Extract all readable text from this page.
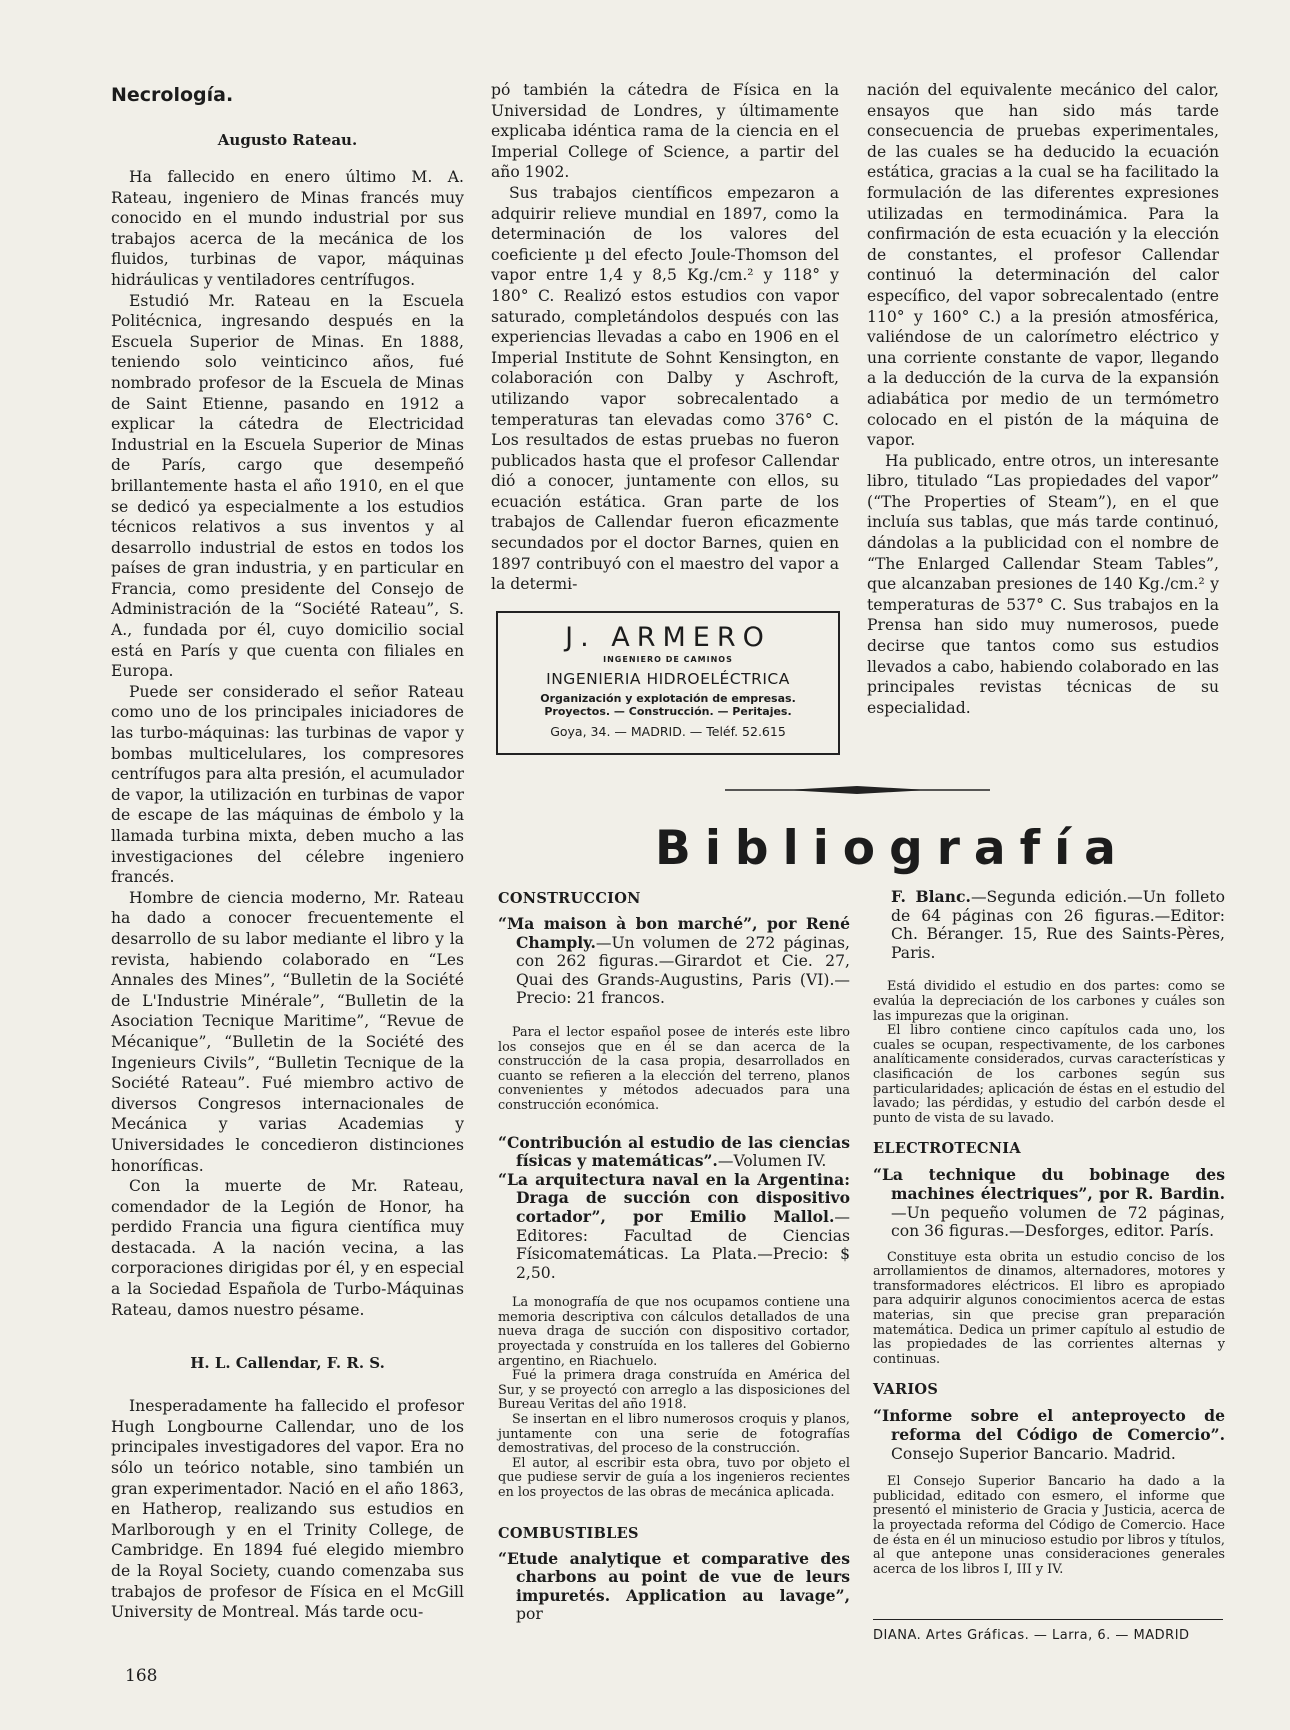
Necrología.

Augusto Rateau.

Ha fallecido en enero último M. A. Rateau, ingeniero de Minas francés muy conocido en el mundo industrial por sus trabajos acerca de la mecánica de los fluidos, turbinas de vapor, máquinas hidráulicas y ventiladores centrífugos.

Estudió Mr. Rateau en la Escuela Politécnica, ingresando después en la Escuela Superior de Minas. En 1888, teniendo solo veinticinco años, fué nombrado profesor de la Escuela de Minas de Saint Etienne, pasando en 1912 a explicar la cátedra de Electricidad Industrial en la Escuela Superior de Minas de París, cargo que desempeñó brillantemente hasta el año 1910, en el que se dedicó ya especialmente a los estudios técnicos relativos a sus inventos y al desarrollo industrial de estos en todos los países de gran industria, y en particular en Francia, como presidente del Consejo de Administración de la “Société Rateau”, S. A., fundada por él, cuyo domicilio social está en París y que cuenta con filiales en Europa.

Puede ser considerado el señor Rateau como uno de los principales iniciadores de las turbo-máquinas: las turbinas de vapor y bombas multicelulares, los compresores centrífugos para alta presión, el acumulador de vapor, la utilización en turbinas de vapor de escape de las máquinas de émbolo y la llamada turbina mixta, deben mucho a las investigaciones del célebre ingeniero francés.

Hombre de ciencia moderno, Mr. Rateau ha dado a conocer frecuentemente el desarrollo de su labor mediante el libro y la revista, habiendo colaborado en “Les Annales des Mines”, “Bulletin de la Société de L'Industrie Minérale”, “Bulletin de la Asociation Tecnique Maritime”, “Revue de Mécanique”, “Bulletin de la Société des Ingenieurs Civils”, “Bulletin Tecnique de la Société Rateau”. Fué miembro activo de diversos Congresos internacionales de Mecánica y varias Academias y Universidades le concedieron distinciones honoríficas.

Con la muerte de Mr. Rateau, comendador de la Legión de Honor, ha perdido Francia una figura científica muy destacada. A la nación vecina, a las corporaciones dirigidas por él, y en especial a la Sociedad Española de Turbo-Máquinas Rateau, damos nuestro pésame.

H. L. Callendar, F. R. S.

Inesperadamente ha fallecido el profesor Hugh Longbourne Callendar, uno de los principales investigadores del vapor. Era no sólo un teórico notable, sino también un gran experimentador. Nació en el año 1863, en Hatherop, realizando sus estudios en Marlborough y en el Trinity College, de Cambridge. En 1894 fué elegido miembro de la Royal Society, cuando comenzaba sus trabajos de profesor de Física en el McGill University de Montreal. Más tarde ocu-

pó también la cátedra de Física en la Universidad de Londres, y últimamente explicaba idéntica rama de la ciencia en el Imperial College of Science, a partir del año 1902.

Sus trabajos científicos empezaron a adquirir relieve mundial en 1897, como la determinación de los valores del coeficiente µ del efecto Joule-Thomson del vapor entre 1,4 y 8,5 Kg./cm.² y 118° y 180° C. Realizó estos estudios con vapor saturado, completándolos después con las experiencias llevadas a cabo en 1906 en el Imperial Institute de Sohnt Kensington, en colaboración con Dalby y Aschroft, utilizando vapor sobrecalentado a temperaturas tan elevadas como 376° C. Los resultados de estas pruebas no fueron publicados hasta que el profesor Callendar dió a conocer, juntamente con ellos, su ecuación estática. Gran parte de los trabajos de Callendar fueron eficazmente secundados por el doctor Barnes, quien en 1897 contribuyó con el maestro del vapor a la determi-

J. ARMERO
INGENIERO DE CAMINOS
INGENIERIA HIDROELÉCTRICA
Organización y explotación de empresas.
Proyectos. — Construcción. — Peritajes.
Goya, 34. — MADRID. — Teléf. 52.615

nación del equivalente mecánico del calor, ensayos que han sido más tarde consecuencia de pruebas experimentales, de las cuales se ha deducido la ecuación estática, gracias a la cual se ha facilitado la formulación de las diferentes expresiones utilizadas en termodinámica. Para la confirmación de esta ecuación y la elección de constantes, el profesor Callendar continuó la determinación del calor específico, del vapor sobrecalentado (entre 110° y 160° C.) a la presión atmosférica, valiéndose de un calorímetro eléctrico y una corriente constante de vapor, llegando a la deducción de la curva de la expansión adiabática por medio de un termómetro colocado en el pistón de la máquina de vapor.

Ha publicado, entre otros, un interesante libro, titulado “Las propiedades del vapor” (“The Properties of Steam”), en el que incluía sus tablas, que más tarde continuó, dándolas a la publicidad con el nombre de “The Enlarged Callendar Steam Tables”, que alcanzaban presiones de 140 Kg./cm.² y temperaturas de 537° C. Sus trabajos en la Prensa han sido muy numerosos, puede decirse que tantos como sus estudios llevados a cabo, habiendo colaborado en las principales revistas técnicas de su especialidad.

Bibliografía

CONSTRUCCION

“Ma maison à bon marché”, por René Champly.—Un volumen de 272 páginas, con 262 figuras.—Girardot et Cie. 27, Quai des Grands-Augustins, Paris (VI).—Precio: 21 francos.

Para el lector español posee de interés este libro los consejos que en él se dan acerca de la construcción de la casa propia, desarrollados en cuanto se refieren a la elección del terreno, planos convenientes y métodos adecuados para una construcción económica.

“Contribución al estudio de las ciencias físicas y matemáticas”.—Volumen IV.

“La arquitectura naval en la Argentina: Draga de succión con dispositivo cortador”, por Emilio Mallol.—Editores: Facultad de Ciencias Físicomatemáticas. La Plata.—Precio: $ 2,50.

La monografía de que nos ocupamos contiene una memoria descriptiva con cálculos detallados de una nueva draga de succión con dispositivo cortador, proyectada y construída en los talleres del Gobierno argentino, en Riachuelo.

Fué la primera draga construída en América del Sur, y se proyectó con arreglo a las disposiciones del Bureau Veritas del año 1918.

Se insertan en el libro numerosos croquis y planos, juntamente con una serie de fotografías demostrativas, del proceso de la construcción.

El autor, al escribir esta obra, tuvo por objeto el que pudiese servir de guía a los ingenieros recientes en los proyectos de las obras de mecánica aplicada.

COMBUSTIBLES

“Etude analytique et comparative des charbons au point de vue de leurs impuretés. Application au lavage”, por

F. Blanc.—Segunda edición.—Un folleto de 64 páginas con 26 figuras.—Editor: Ch. Béranger. 15, Rue des Saints-Pères, Paris.

Está dividido el estudio en dos partes: como se evalúa la depreciación de los carbones y cuáles son las impurezas que la originan.

El libro contiene cinco capítulos cada uno, los cuales se ocupan, respectivamente, de los carbones analíticamente considerados, curvas características y clasificación de los carbones según sus particularidades; aplicación de éstas en el estudio del lavado; las pérdidas, y estudio del carbón desde el punto de vista de su lavado.

ELECTROTECNIA

“La technique du bobinage des machines électriques”, por R. Bardin.—Un pequeño volumen de 72 páginas, con 36 figuras.—Desforges, editor. París.

Constituye esta obrita un estudio conciso de los arrollamientos de dinamos, alternadores, motores y transformadores eléctricos. El libro es apropiado para adquirir algunos conocimientos acerca de estas materias, sin que precise gran preparación matemática. Dedica un primer capítulo al estudio de las propiedades de las corrientes alternas y continuas.

VARIOS

“Informe sobre el anteproyecto de reforma del Código de Comercio”. Consejo Superior Bancario. Madrid.

El Consejo Superior Bancario ha dado a la publicidad, editado con esmero, el informe que presentó el ministerio de Gracia y Justicia, acerca de la proyectada reforma del Código de Comercio. Hace de ésta en él un minucioso estudio por libros y títulos, al que antepone unas consideraciones generales acerca de los libros I, III y IV.

DIANA. Artes Gráficas. — Larra, 6. — MADRID
168
